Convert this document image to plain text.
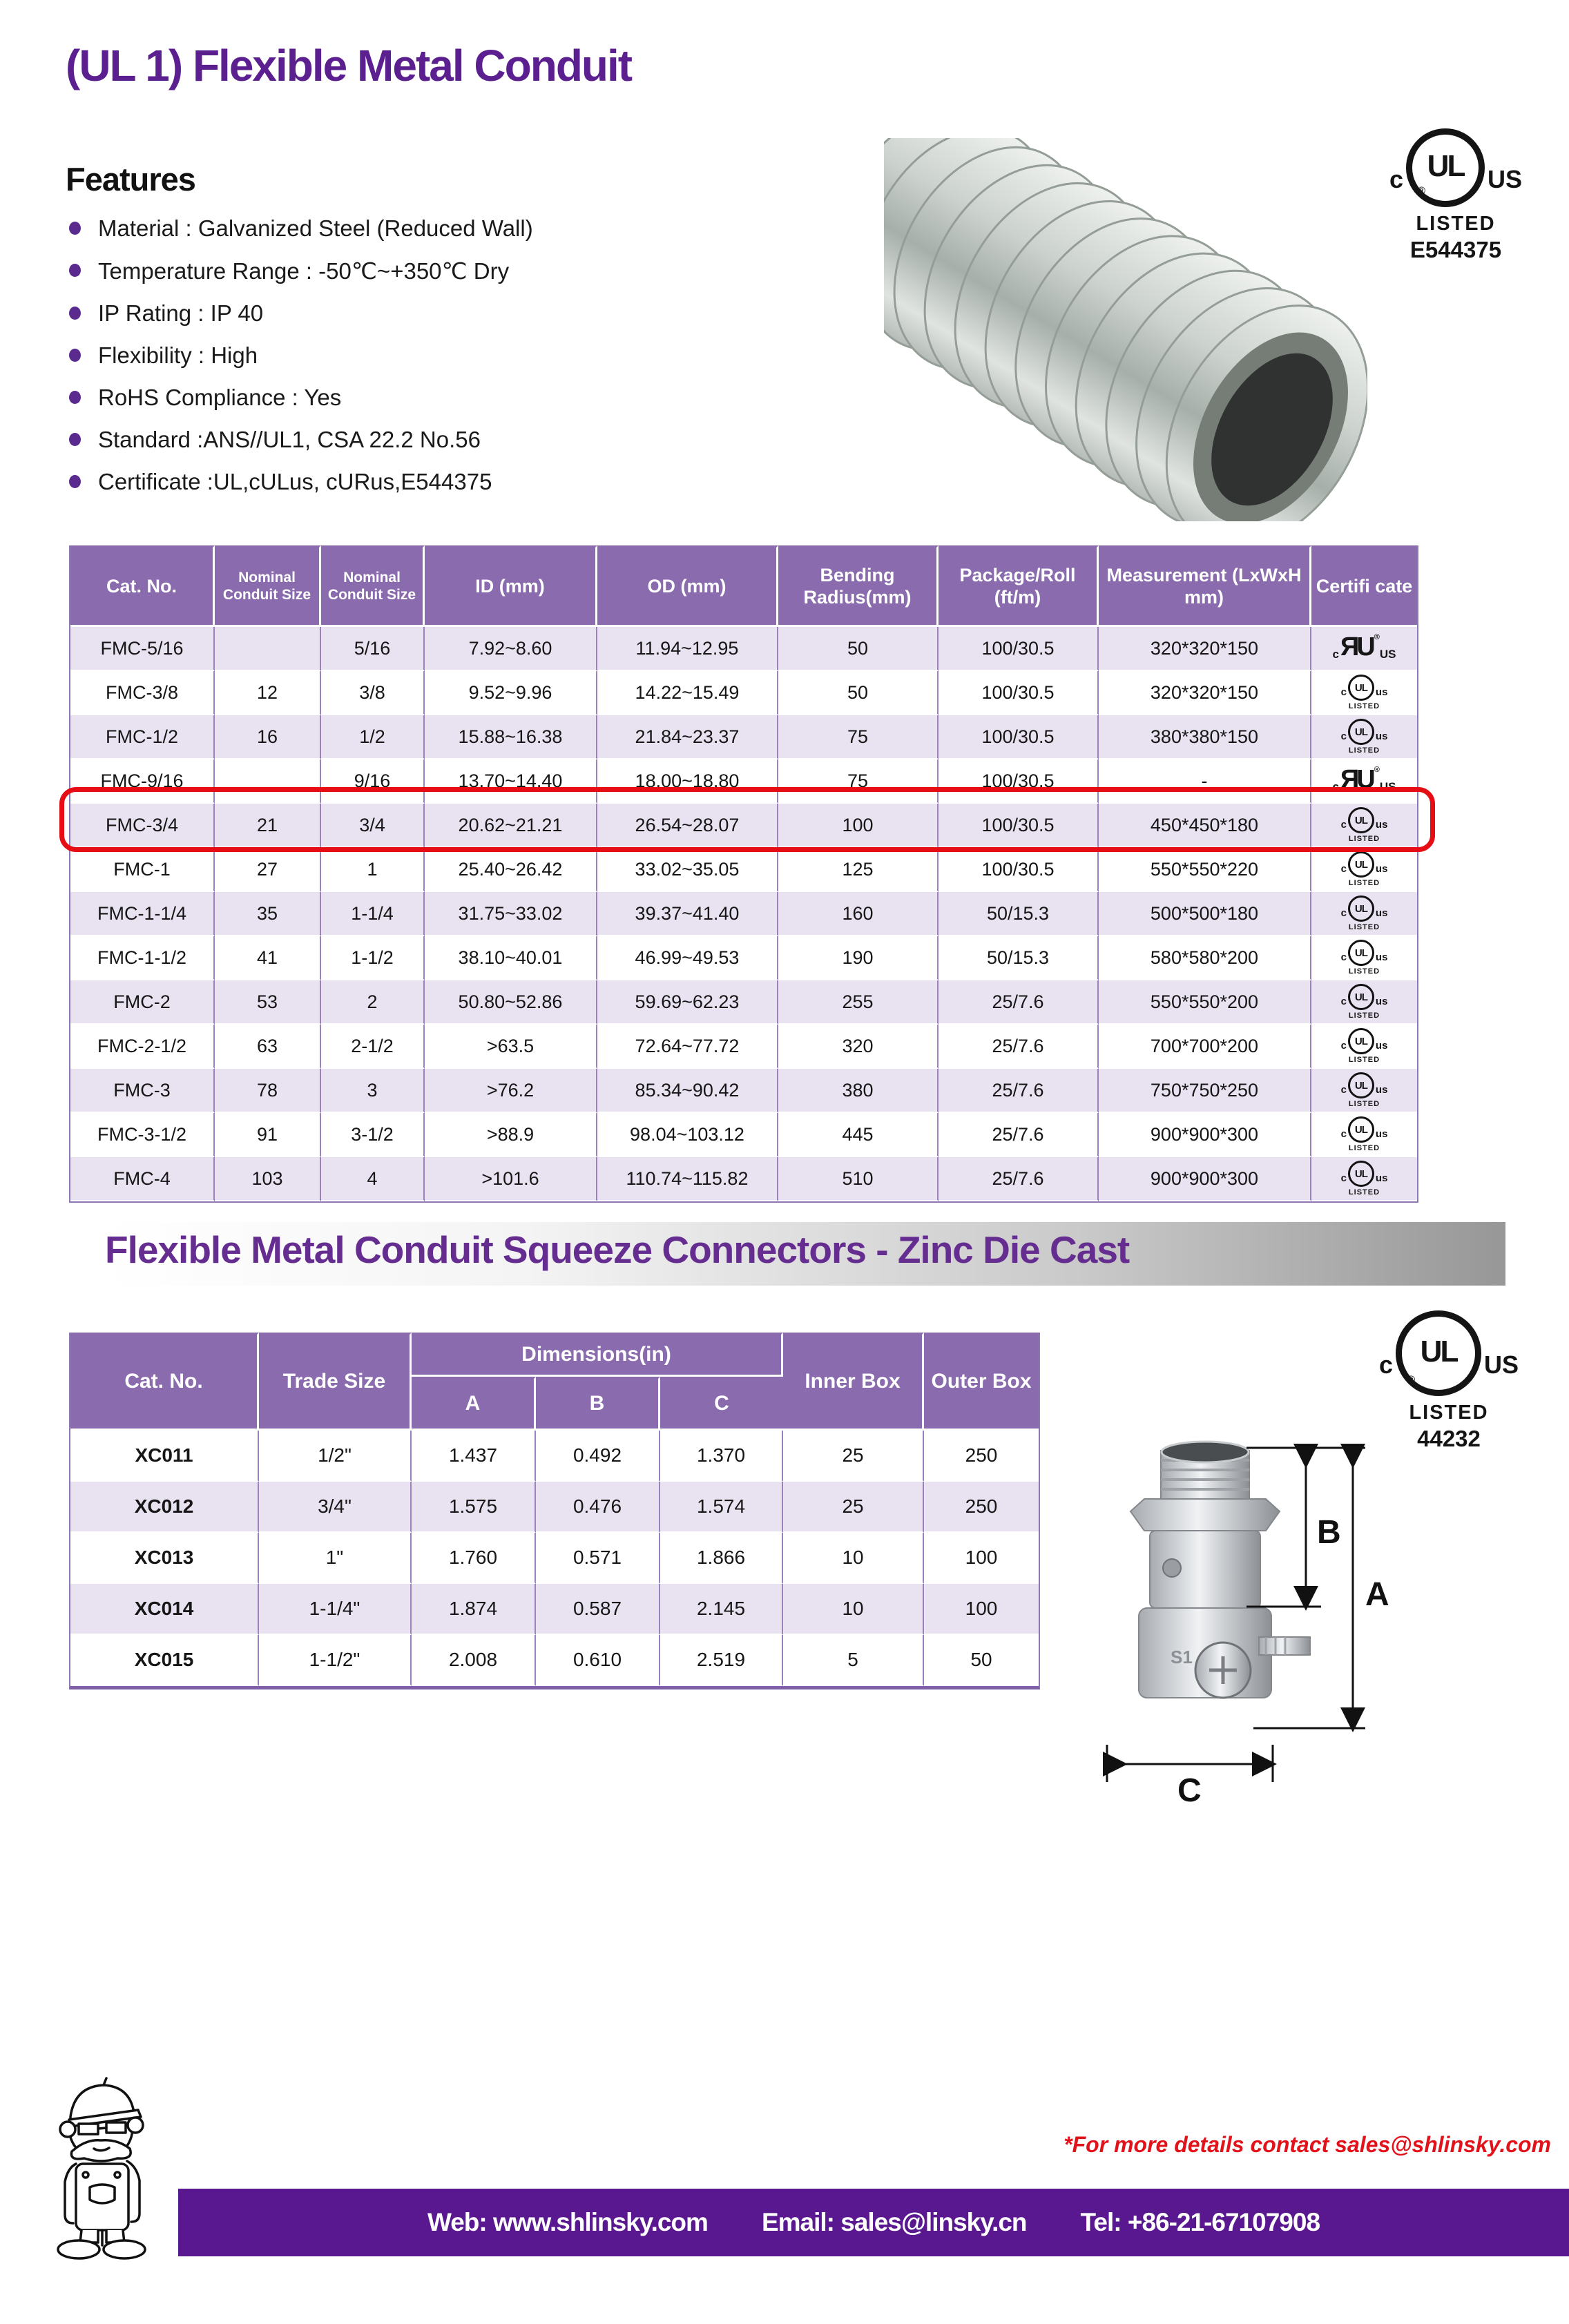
(UL 1) Flexible Metal Conduit
Features
Material : Galvanized Steel (Reduced Wall)
Temperature Range : -50℃~+350℃ Dry
IP Rating : IP 40
Flexibility : High
RoHS Compliance : Yes
Standard :ANS//UL1, CSA 22.2 No.56
Certificate :UL,cULus, cURus,E544375
c UL
® US
LISTED
E544375
Cat. No.	Nominal Conduit Size	Nominal Conduit Size	ID (mm)	OD (mm)	Bending Radius(mm)	Package/Roll (ft/m)	Measurement (LxWxH mm)	Certifi cate
FMC-5/16		5/16	7.92~8.60	11.94~12.95	50	100/30.5	320*320*150	c ЯU ®
US

FMC-3/8	12	3/8	9.52~9.96	14.22~15.49	50	100/30.5	320*320*150	c UL us
LISTED

FMC-1/2	16	1/2	15.88~16.38	21.84~23.37	75	100/30.5	380*380*150	c UL us
LISTED

FMC-9/16		9/16	13.70~14.40	18.00~18.80	75	100/30.5	-	c ЯU ®
US

FMC-3/4	21	3/4	20.62~21.21	26.54~28.07	100	100/30.5	450*450*180	c UL us
LISTED

FMC-1	27	1	25.40~26.42	33.02~35.05	125	100/30.5	550*550*220	c UL us
LISTED

FMC-1-1/4	35	1-1/4	31.75~33.02	39.37~41.40	160	50/15.3	500*500*180	c UL us
LISTED

FMC-1-1/2	41	1-1/2	38.10~40.01	46.99~49.53	190	50/15.3	580*580*200	c UL us
LISTED

FMC-2	53	2	50.80~52.86	59.69~62.23	255	25/7.6	550*550*200	c UL us
LISTED

FMC-2-1/2	63	2-1/2	>63.5	72.64~77.72	320	25/7.6	700*700*200	c UL us
LISTED

FMC-3	78	3	>76.2	85.34~90.42	380	25/7.6	750*750*250	c UL us
LISTED

FMC-3-1/2	91	3-1/2	>88.9	98.04~103.12	445	25/7.6	900*900*300	c UL us
LISTED

FMC-4	103	4	>101.6	110.74~115.82	510	25/7.6	900*900*300	c UL us
LISTED
Flexible Metal Conduit Squeeze Connectors - Zinc Die Cast
Cat. No.	Trade Size	Dimensions(in)			Inner Box	Outer Box
		A	B	C		
XC011	1/2"	1.437	0.492	1.370	25	250
XC012	3/4"	1.575	0.476	1.574	25	250
XC013	1"	1.760	0.571	1.866	10	100
XC014	1-1/4"	1.874	0.587	2.145	10	100
XC015	1-1/2"	2.008	0.610	2.519	5	50
c UL
®
US
LISTED
44232
S1
B
A
C
*For more details contact sales@shlinsky.com
Web: www.shlinsky.com Email: sales@linsky.cn Tel: +86-21-67107908
